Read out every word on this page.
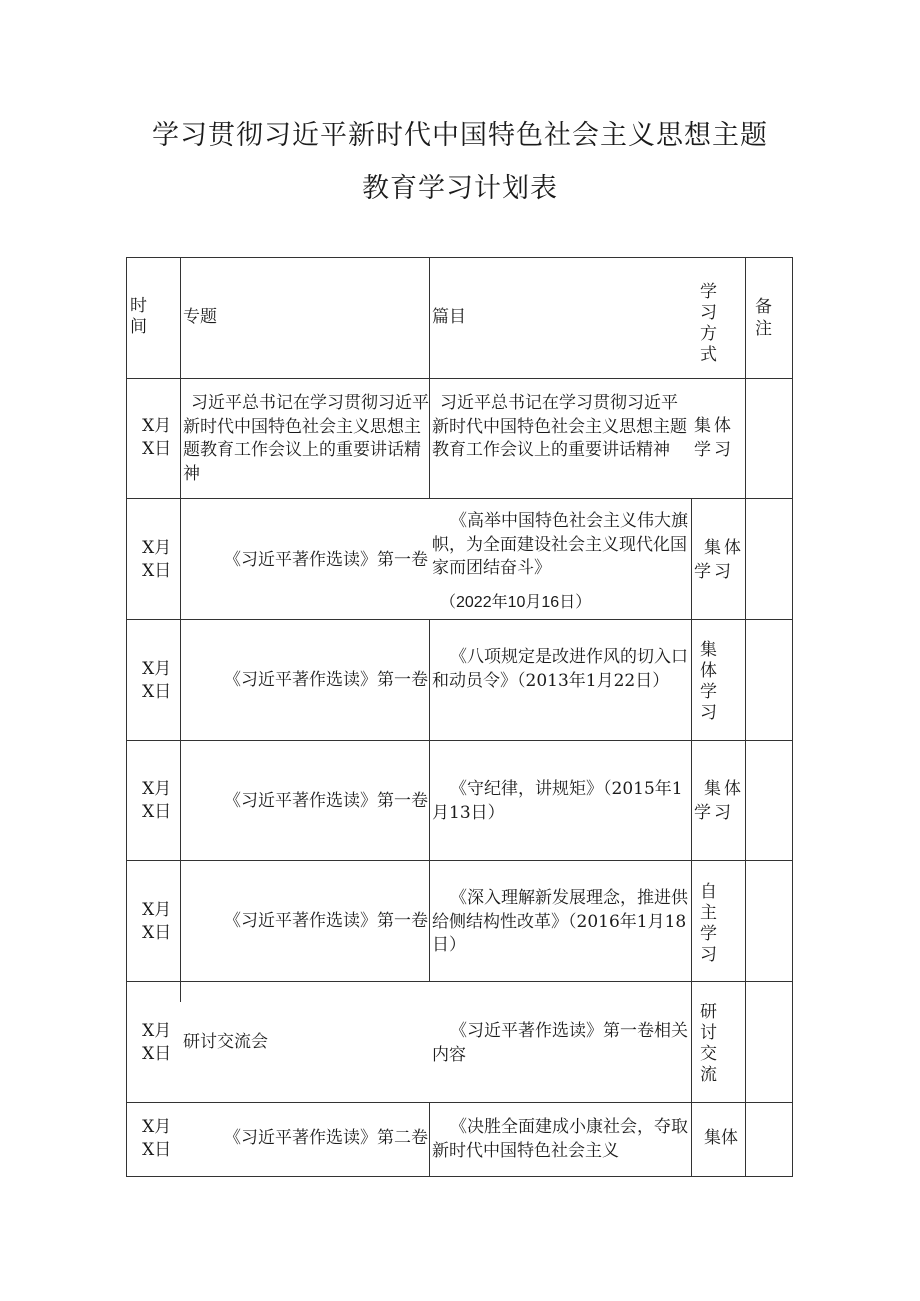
学习贯彻习近平新时代中国特色社会主义思想主题
教育学习计划表
时间 专题	篇目
学习方式
备注
X月X日
习近平总书记在学习贯彻习近平新时代中国特色社会主义思想主题教育工作会议上的重要讲话精神
习近平总书记在学习贯彻习近平新时代中国特色社会主义思想主题教育工作会议上的重要讲话精神
集体学习
X月X日
《习近平著作选读》第一卷
《高举中国特色社会主义伟大旗帜，为全面建设社会主义现代化国家而团结奋斗》
（2022年10月16日）
集体学习
X月X日
《习近平著作选读》第一卷
《八项规定是改进作风的切入口和动员令》（2013年1月22日）
集体学习
X月X日
《习近平著作选读》第一卷
《守纪律，讲规矩》（2015年1月13日）
集体学习
X月X日
《习近平著作选读》第一卷
《深入理解新发展理念，推进供给侧结构性改革》（2016年1月18日）
自主学习
X月X日
研讨交流会
《习近平著作选读》第一卷相关内容
研讨交流
X月X日
《习近平著作选读》第二卷
《决胜全面建成小康社会，夺取新时代中国特色社会主义
集体
